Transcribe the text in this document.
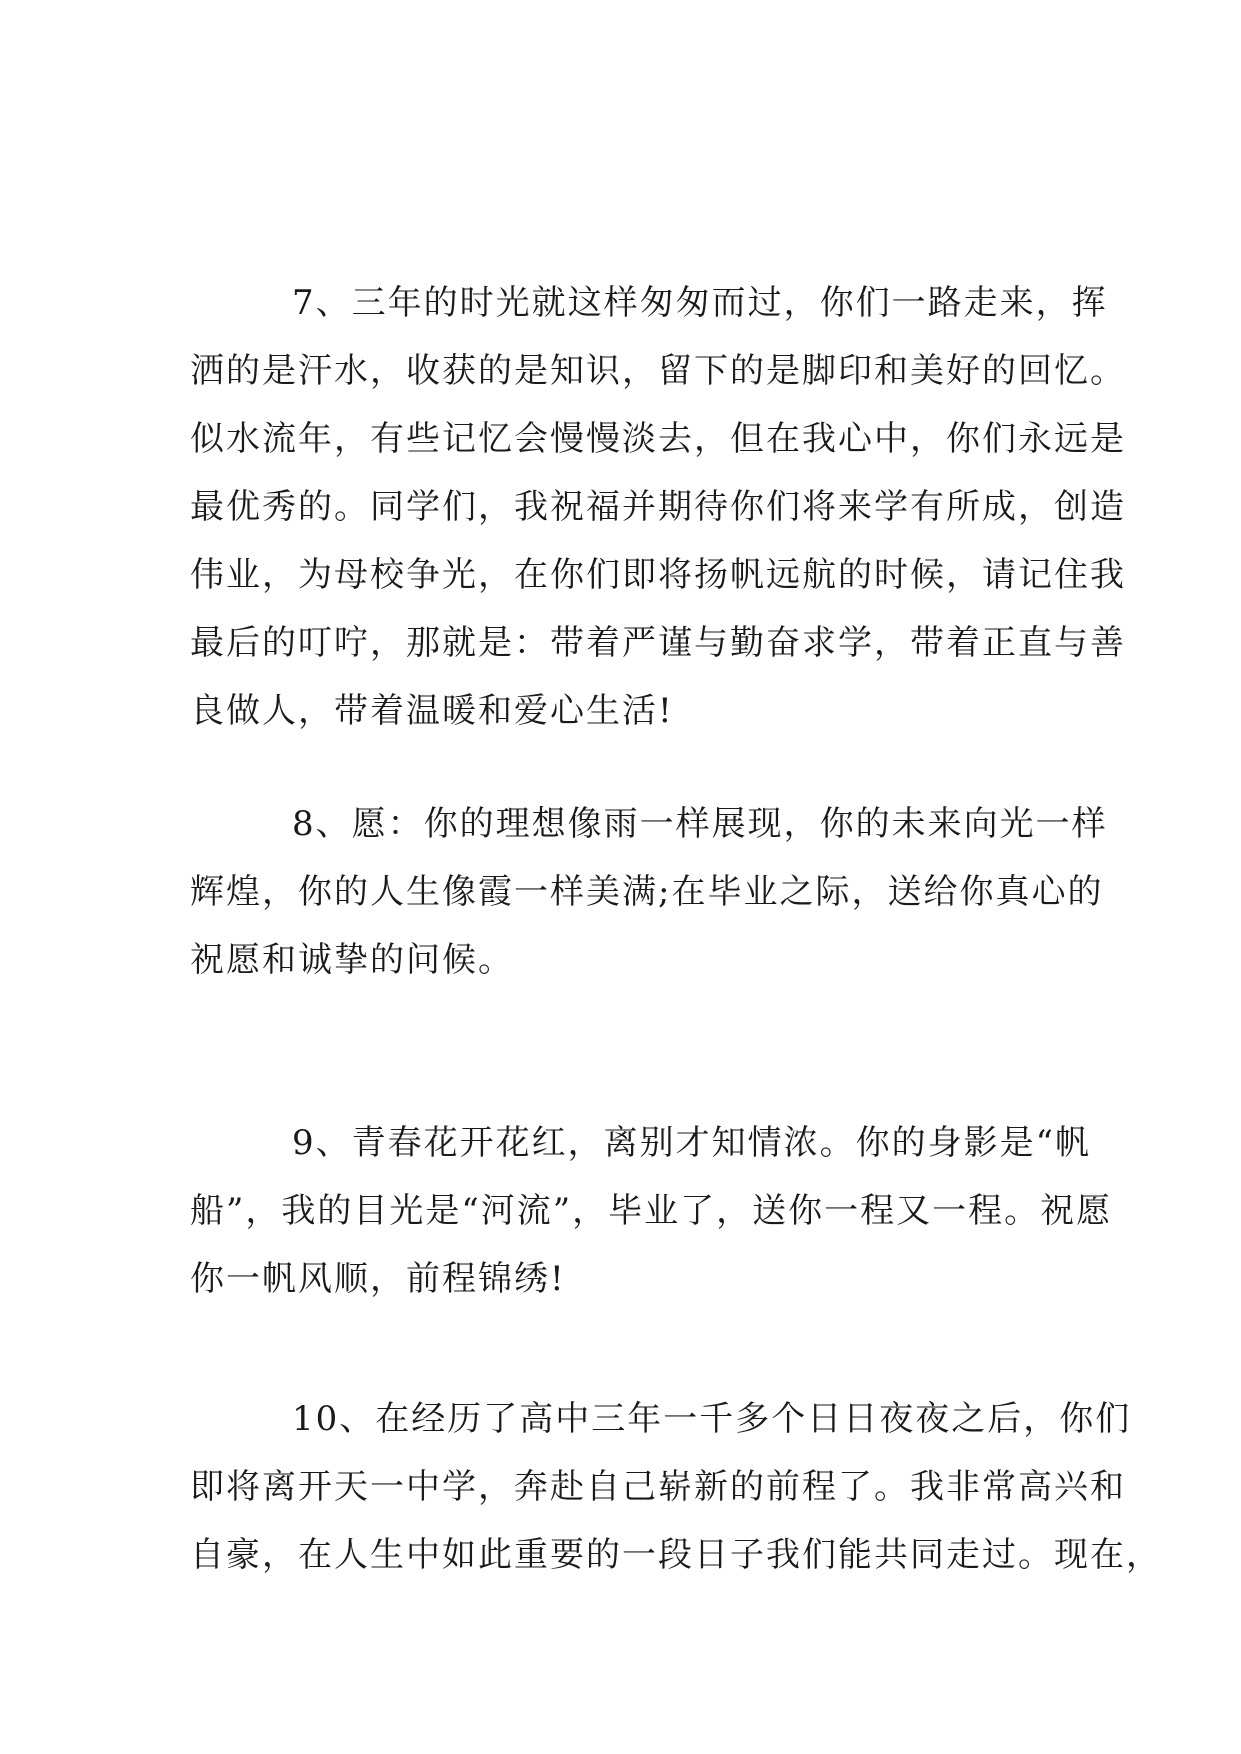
7、三年的时光就这样匆匆而过，你们一路走来，挥
洒的是汗水，收获的是知识，留下的是脚印和美好的回忆。
似水流年，有些记忆会慢慢淡去，但在我心中，你们永远是
最优秀的。同学们，我祝福并期待你们将来学有所成，创造
伟业，为母校争光，在你们即将扬帆远航的时候，请记住我
最后的叮咛，那就是：带着严谨与勤奋求学，带着正直与善
良做人，带着温暖和爱心生活!
8、愿：你的理想像雨一样展现，你的未来向光一样
辉煌，你的人生像霞一样美满;在毕业之际，送给你真心的
祝愿和诚挚的问候。
9、青春花开花红，离别才知情浓。你的身影是“帆
船”，我的目光是“河流”，毕业了，送你一程又一程。祝愿
你一帆风顺，前程锦绣!
10、在经历了高中三年一千多个日日夜夜之后，你们
即将离开天一中学，奔赴自己崭新的前程了。我非常高兴和
自豪，在人生中如此重要的一段日子我们能共同走过。现在，
